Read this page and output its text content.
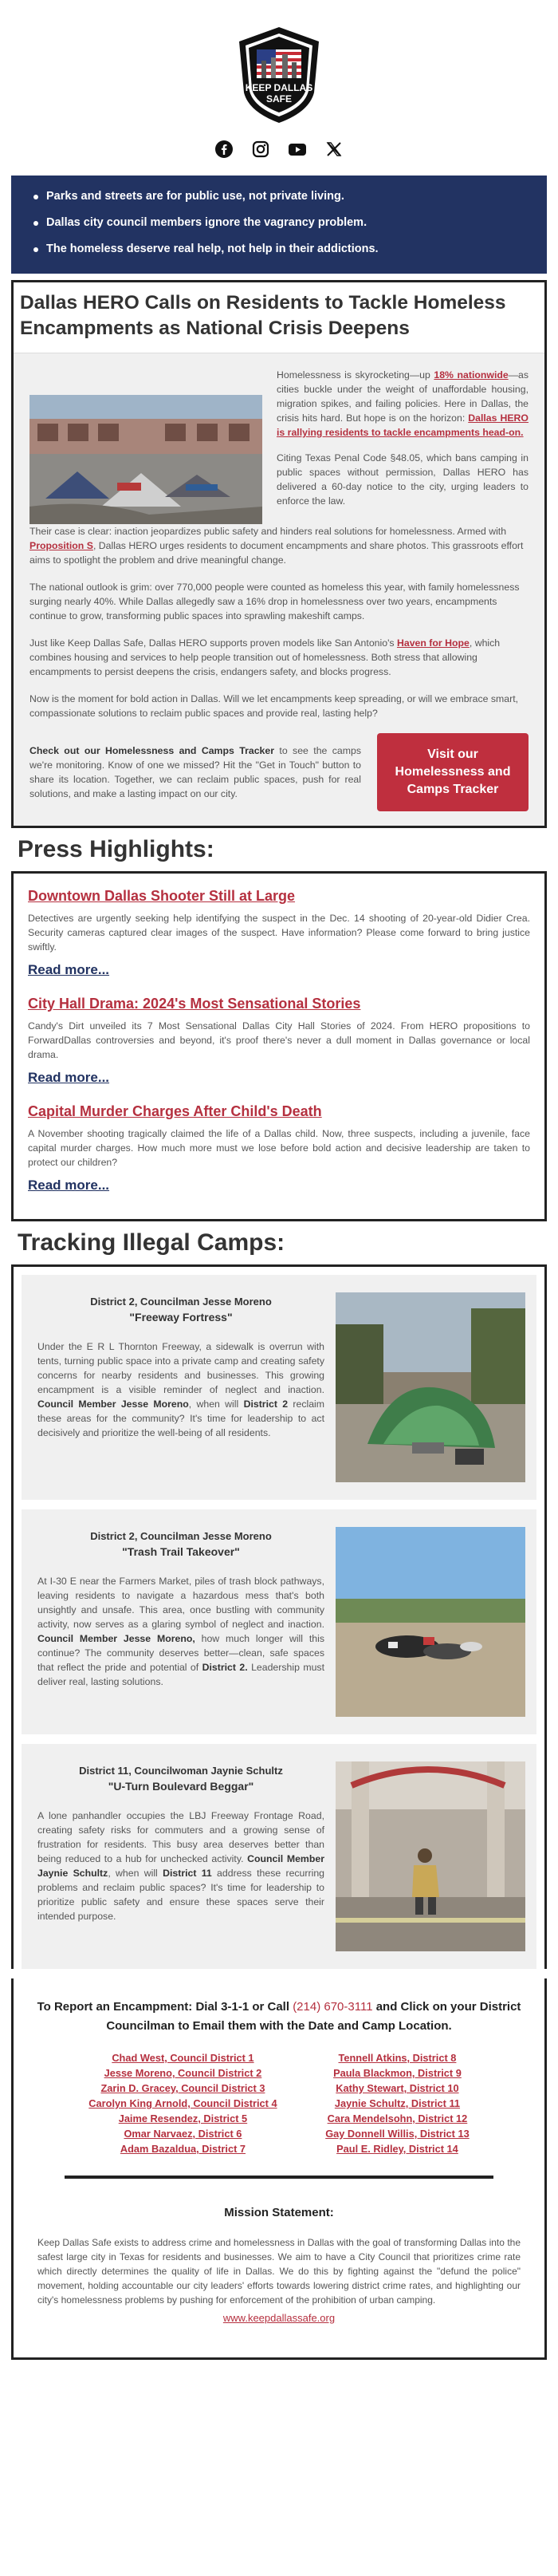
KEEP DALLAS
SAFE
Parks and streets are for public use, not private living.
Dallas city council members ignore the vagrancy problem.
The homeless deserve real help, not help in their addictions.
Dallas HERO Calls on Residents to Tackle Homeless Encampments as National Crisis Deepens

Homelessness is skyrocketing—up 18% nationwide—as cities buckle under the weight of unaffordable housing, migration spikes, and failing policies. Here in Dallas, the crisis hits hard. But hope is on the horizon: Dallas HERO is rallying residents to tackle encampments head-on.

Citing Texas Penal Code §48.05, which bans camping in public spaces without permission, Dallas HERO has delivered a 60-day notice to the city, urging leaders to enforce the law.

Their case is clear: inaction jeopardizes public safety and hinders real solutions for homelessness. Armed with Proposition S, Dallas HERO urges residents to document encampments and share photos. This grassroots effort aims to spotlight the problem and drive meaningful change.

The national outlook is grim: over 770,000 people were counted as homeless this year, with family homelessness surging nearly 40%. While Dallas allegedly saw a 16% drop in homelessness over two years, encampments continue to grow, transforming public spaces into sprawling makeshift camps.

Just like Keep Dallas Safe, Dallas HERO supports proven models like San Antonio's Haven for Hope, which combines housing and services to help people transition out of homelessness. Both stress that allowing encampments to persist deepens the crisis, endangers safety, and blocks progress.

Now is the moment for bold action in Dallas. Will we let encampments keep spreading, or will we embrace smart, compassionate solutions to reclaim public spaces and provide real, lasting help?

Check out our Homelessness and Camps Tracker to see the camps we're monitoring. Know of one we missed? Hit the "Get in Touch" button to share its location. Together, we can reclaim public spaces, push for real solutions, and make a lasting impact on our city.

Visit our Homelessness and Camps Tracker
Press Highlights:
Downtown Dallas Shooter Still at Large

Detectives are urgently seeking help identifying the suspect in the Dec. 14 shooting of 20-year-old Didier Crea. Security cameras captured clear images of the suspect. Have information? Please come forward to bring justice swiftly.

Read more...
City Hall Drama: 2024's Most Sensational Stories

Candy's Dirt unveiled its 7 Most Sensational Dallas City Hall Stories of 2024. From HERO propositions to ForwardDallas controversies and beyond, it's proof there's never a dull moment in Dallas governance or local drama.

Read more...
Capital Murder Charges After Child's Death

A November shooting tragically claimed the life of a Dallas child. Now, three suspects, including a juvenile, face capital murder charges. How much more must we lose before bold action and decisive leadership are taken to protect our children?

Read more...
Tracking Illegal Camps:
District 2, Councilman Jesse Moreno
"Freeway Fortress"

Under the E R L Thornton Freeway, a sidewalk is overrun with tents, turning public space into a private camp and creating safety concerns for nearby residents and businesses. This growing encampment is a visible reminder of neglect and inaction. Council Member Jesse Moreno, when will District 2 reclaim these areas for the community? It's time for leadership to act decisively and prioritize the well-being of all residents.

District 2, Councilman Jesse Moreno
"Trash Trail Takeover"

At I-30 E near the Farmers Market, piles of trash block pathways, leaving residents to navigate a hazardous mess that's both unsightly and unsafe. This area, once bustling with community activity, now serves as a glaring symbol of neglect and inaction. Council Member Jesse Moreno, how much longer will this continue? The community deserves better—clean, safe spaces that reflect the pride and potential of District 2. Leadership must deliver real, lasting solutions.

District 11, Councilwoman Jaynie Schultz
"U-Turn Boulevard Beggar"

A lone panhandler occupies the LBJ Freeway Frontage Road, creating safety risks for commuters and a growing sense of frustration for residents. This busy area deserves better than being reduced to a hub for unchecked activity. Council Member Jaynie Schultz, when will District 11 address these recurring problems and reclaim public spaces? It's time for leadership to prioritize public safety and ensure these spaces serve their intended purpose.

To Report an Encampment: Dial 3-1-1 or Call (214) 670-3111 and Click on your District Councilman to Email them with the Date and Camp Location.
Chad West, Council District 1
Jesse Moreno, Council District 2
Zarin D. Gracey, Council District 3
Carolyn King Arnold, Council District 4
Jaime Resendez, District 5
Omar Narvaez, District 6
Adam Bazaldua, District 7
Tennell Atkins, District 8
Paula Blackmon, District 9
Kathy Stewart, District 10
Jaynie Schultz, District 11
Cara Mendelsohn, District 12
Gay Donnell Willis, District 13
Paul E. Ridley, District 14
Mission Statement:

Keep Dallas Safe exists to address crime and homelessness in Dallas with the goal of transforming Dallas into the safest large city in Texas for residents and businesses. We aim to have a City Council that prioritizes crime rate which directly determines the quality of life in Dallas. We do this by fighting against the "defund the police" movement, holding accountable our city leaders' efforts towards lowering district crime rates, and highlighting our city's homelessness problems by pushing for enforcement of the prohibition of urban camping.

www.keepdallassafe.org
